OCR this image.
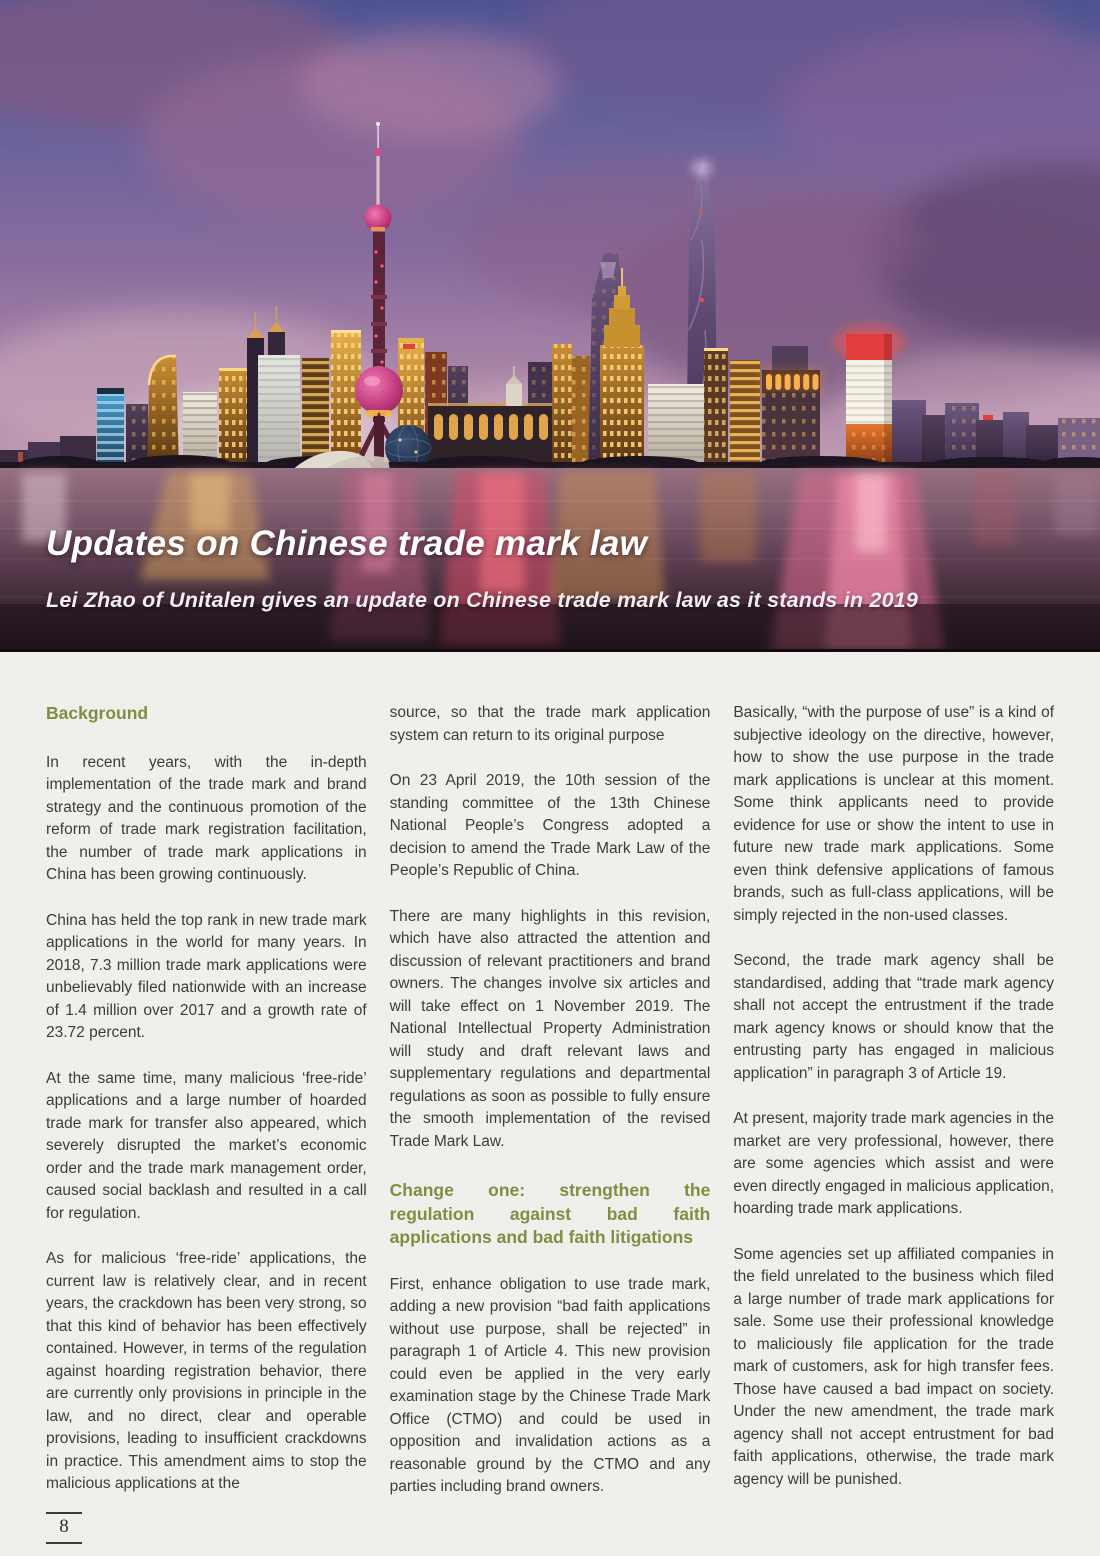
Updates on Chinese trade mark law
Lei Zhao of Unitalen gives an update on Chinese trade mark law as it stands in 2019
Background

In recent years, with the in-depth implementation of the trade mark and brand strategy and the continuous promotion of the reform of trade mark registration facilitation, the number of trade mark applications in China has been growing continuously.

China has held the top rank in new trade mark applications in the world for many years. In 2018, 7.3 million trade mark applications were unbelievably filed nationwide with an increase of 1.4 million over 2017 and a growth rate of 23.72 percent.

At the same time, many malicious ‘free-ride’ applications and a large number of hoarded trade mark for transfer also appeared, which severely disrupted the market’s economic order and the trade mark management order, caused social backlash and resulted in a call for regulation.

As for malicious ‘free-ride’ applications, the current law is relatively clear, and in recent years, the crackdown has been very strong, so that this kind of behavior has been effectively contained. However, in terms of the regulation against hoarding registration behavior, there are currently only provisions in principle in the law, and no direct, clear and operable provisions, leading to insufficient crackdowns in practice. This amendment aims to stop the malicious applications at the

source, so that the trade mark application system can return to its original purpose

On 23 April 2019, the 10th session of the standing committee of the 13th Chinese National People’s Congress adopted a decision to amend the Trade Mark Law of the People’s Republic of China.

There are many highlights in this revision, which have also attracted the attention and discussion of relevant practitioners and brand owners. The changes involve six articles and will take effect on 1 November 2019. The National Intellectual Property Administration will study and draft relevant laws and supplementary regulations and departmental regulations as soon as possible to fully ensure the smooth implementation of the revised Trade Mark Law.

Change one: strengthen the regulation against bad faith applications and bad faith litigations

First, enhance obligation to use trade mark, adding a new provision “bad faith applications without use purpose, shall be rejected” in paragraph 1 of Article 4. This new provision could even be applied in the very early examination stage by the Chinese Trade Mark Office (CTMO) and could be used in opposition and invalidation actions as a reasonable ground by the CTMO and any parties including brand owners.

Basically, “with the purpose of use” is a kind of subjective ideology on the directive, however, how to show the use purpose in the trade mark applications is unclear at this moment. Some think applicants need to provide evidence for use or show the intent to use in future new trade mark applications. Some even think defensive applications of famous brands, such as full-class applications, will be simply rejected in the non-used classes.

Second, the trade mark agency shall be standardised, adding that “trade mark agency shall not accept the entrustment if the trade mark agency knows or should know that the entrusting party has engaged in malicious application” in paragraph 3 of Article 19.

At present, majority trade mark agencies in the market are very professional, however, there are some agencies which assist and were even directly engaged in malicious application, hoarding trade mark applications.

Some agencies set up affiliated companies in the field unrelated to the business which filed a large number of trade mark applications for sale. Some use their professional knowledge to maliciously file application for the trade mark of customers, ask for high transfer fees. Those have caused a bad impact on society. Under the new amendment, the trade mark agency shall not accept entrustment for bad faith applications, otherwise, the trade mark agency will be punished.

8
